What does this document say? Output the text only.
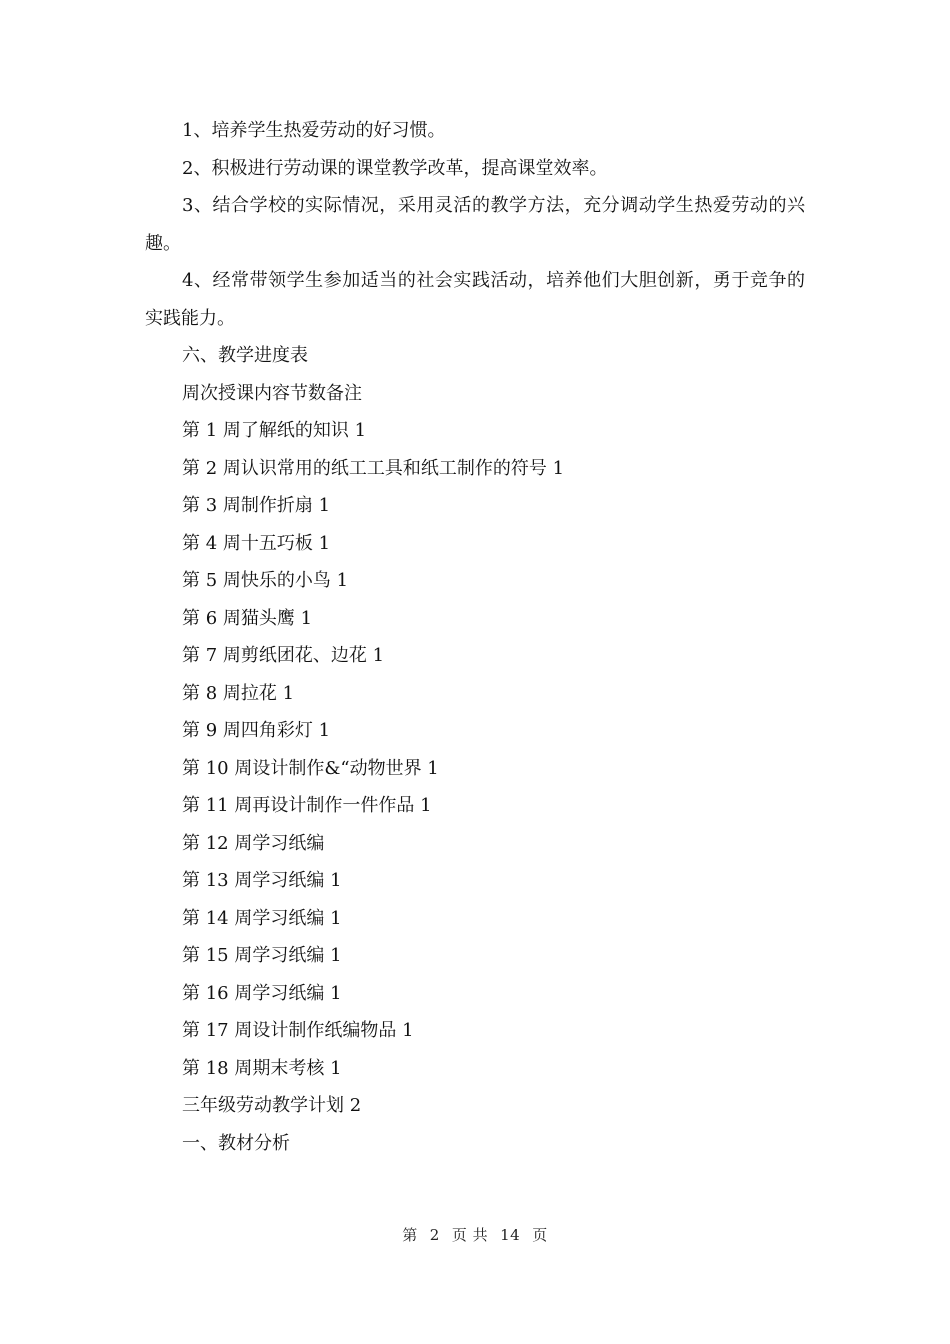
1、培养学生热爱劳动的好习惯。

2、积极进行劳动课的课堂教学改革，提高课堂效率。

3、结合学校的实际情况，采用灵活的教学方法，充分调动学生热爱劳动的兴趣。

4、经常带领学生参加适当的社会实践活动，培养他们大胆创新，勇于竞争的实践能力。

六、教学进度表

周次授课内容节数备注

第 1 周了解纸的知识 1

第 2 周认识常用的纸工工具和纸工制作的符号 1

第 3 周制作折扇 1

第 4 周十五巧板 1

第 5 周快乐的小鸟 1

第 6 周猫头鹰 1

第 7 周剪纸团花、边花 1

第 8 周拉花 1

第 9 周四角彩灯 1

第 10 周设计制作&“动物世界 1

第 11 周再设计制作一件作品 1

第 12 周学习纸编

第 13 周学习纸编 1

第 14 周学习纸编 1

第 15 周学习纸编 1

第 16 周学习纸编 1

第 17 周设计制作纸编物品 1

第 18 周期末考核 1

三年级劳动教学计划 2

一、教材分析

第 2 页 共 14 页
